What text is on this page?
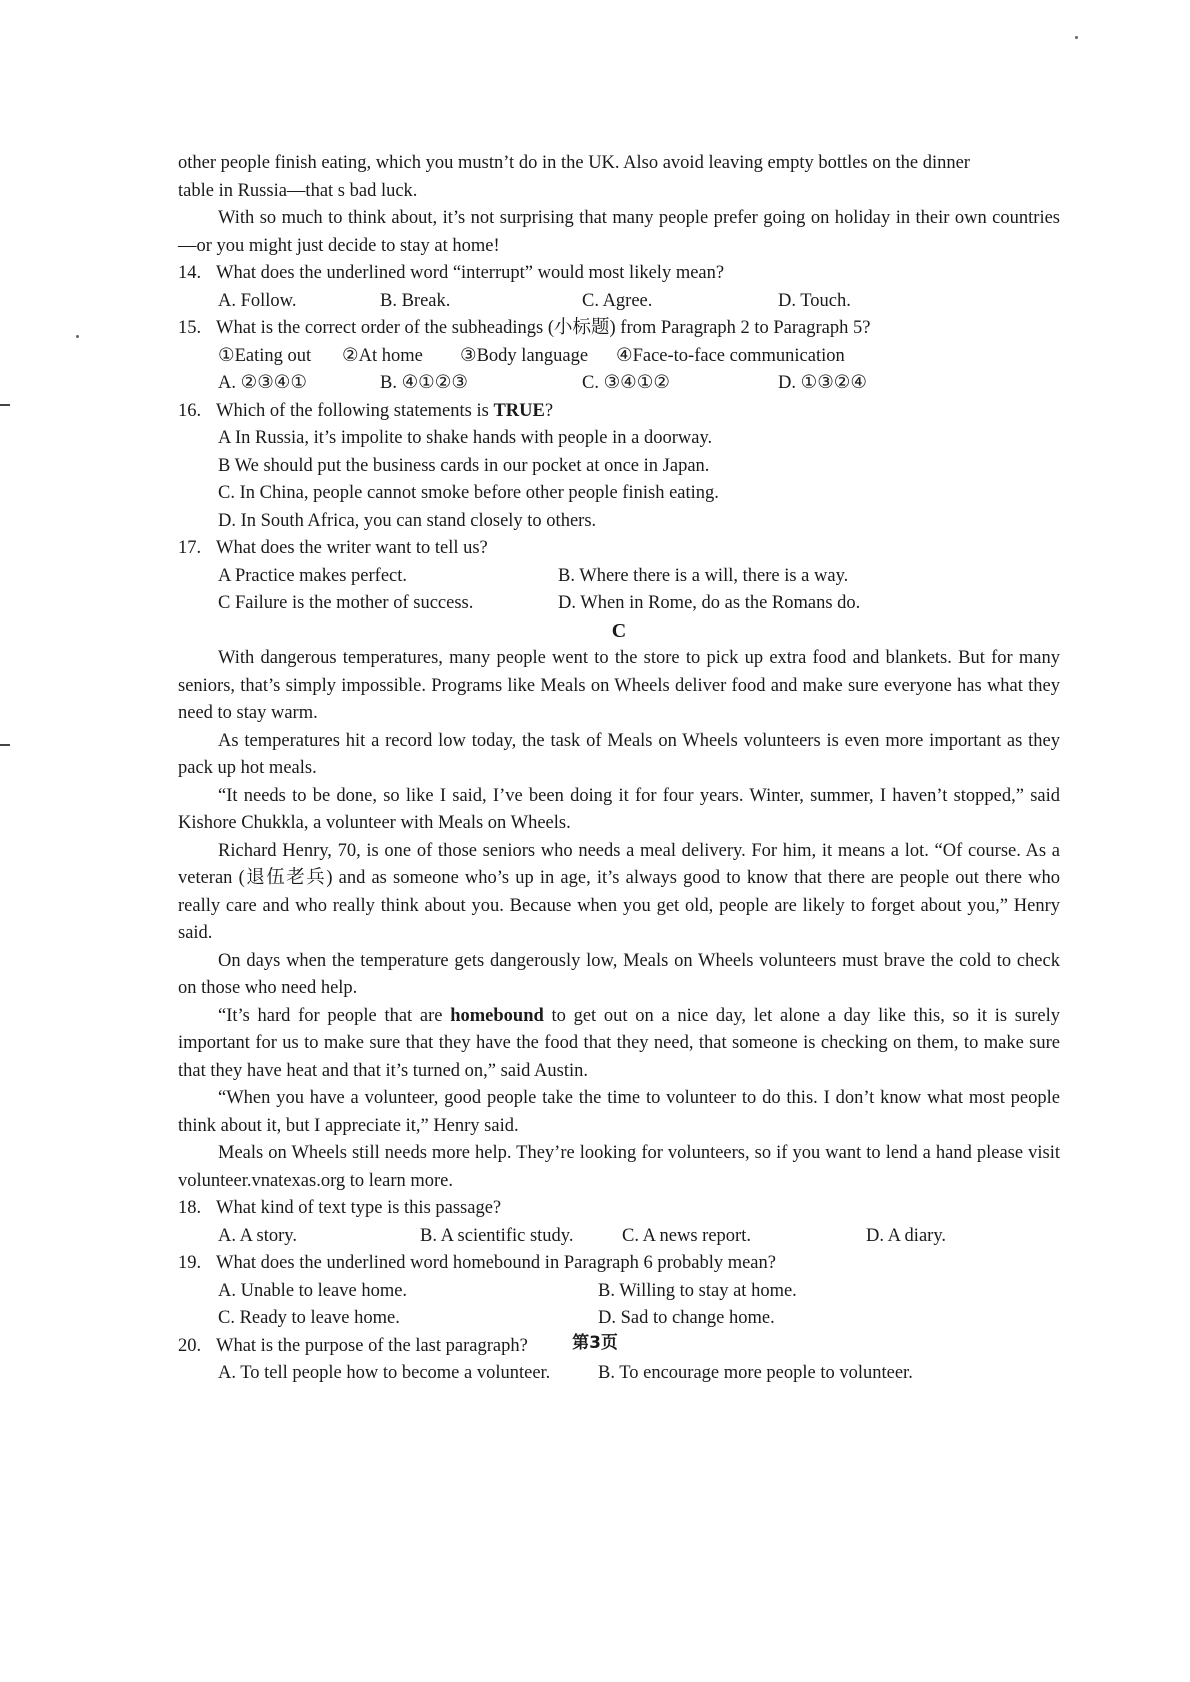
other people finish eating, which you mustn’t do in the UK. Also avoid leaving empty bottles on the dinner
table in Russia—that s bad luck.
With so much to think about, it’s not surprising that many people prefer going on holiday in their own countries—or you might just decide to stay at home!
14. What does the underlined word “interrupt” would most likely mean?
A. Follow.	B. Break.	C. Agree.	D. Touch.
15. What is the correct order of the subheadings (小标题) from Paragraph 2 to Paragraph 5?
①Eating out	②At home	③Body language	④Face-to-face communication
A. ②③④①	B. ④①②③	C. ③④①②	D. ①③②④
16. Which of the following statements is TRUE?
A In Russia, it’s impolite to shake hands with people in a doorway.
B We should put the business cards in our pocket at once in Japan.
C. In China, people cannot smoke before other people finish eating.
D. In South Africa, you can stand closely to others.
17. What does the writer want to tell us?
A Practice makes perfect.	B. Where there is a will, there is a way.
C Failure is the mother of success.	D. When in Rome, do as the Romans do.
C
With dangerous temperatures, many people went to the store to pick up extra food and blankets. But for many seniors, that’s simply impossible. Programs like Meals on Wheels deliver food and make sure everyone has what they need to stay warm.
As temperatures hit a record low today, the task of Meals on Wheels volunteers is even more important as they pack up hot meals.
“It needs to be done, so like I said, I’ve been doing it for four years. Winter, summer, I haven’t stopped,” said Kishore Chukkla, a volunteer with Meals on Wheels.
Richard Henry, 70, is one of those seniors who needs a meal delivery. For him, it means a lot. “Of course. As a veteran (退伍老兵) and as someone who’s up in age, it’s always good to know that there are people out there who really care and who really think about you. Because when you get old, people are likely to forget about you,” Henry said.
On days when the temperature gets dangerously low, Meals on Wheels volunteers must brave the cold to check on those who need help.
“It’s hard for people that are homebound to get out on a nice day, let alone a day like this, so it is surely important for us to make sure that they have the food that they need, that someone is checking on them, to make sure that they have heat and that it’s turned on,” said Austin.
“When you have a volunteer, good people take the time to volunteer to do this. I don’t know what most people think about it, but I appreciate it,” Henry said.
Meals on Wheels still needs more help. They’re looking for volunteers, so if you want to lend a hand please visit volunteer.vnatexas.org to learn more.
18. What kind of text type is this passage?
A. A story.	B. A scientific study.	C. A news report.	D. A diary.
19. What does the underlined word homebound in Paragraph 6 probably mean?
A. Unable to leave home.	B. Willing to stay at home.
C. Ready to leave home.	D. Sad to change home.
20. What is the purpose of the last paragraph?
A. To tell people how to become a volunteer.	B. To encourage more people to volunteer.
第3页
